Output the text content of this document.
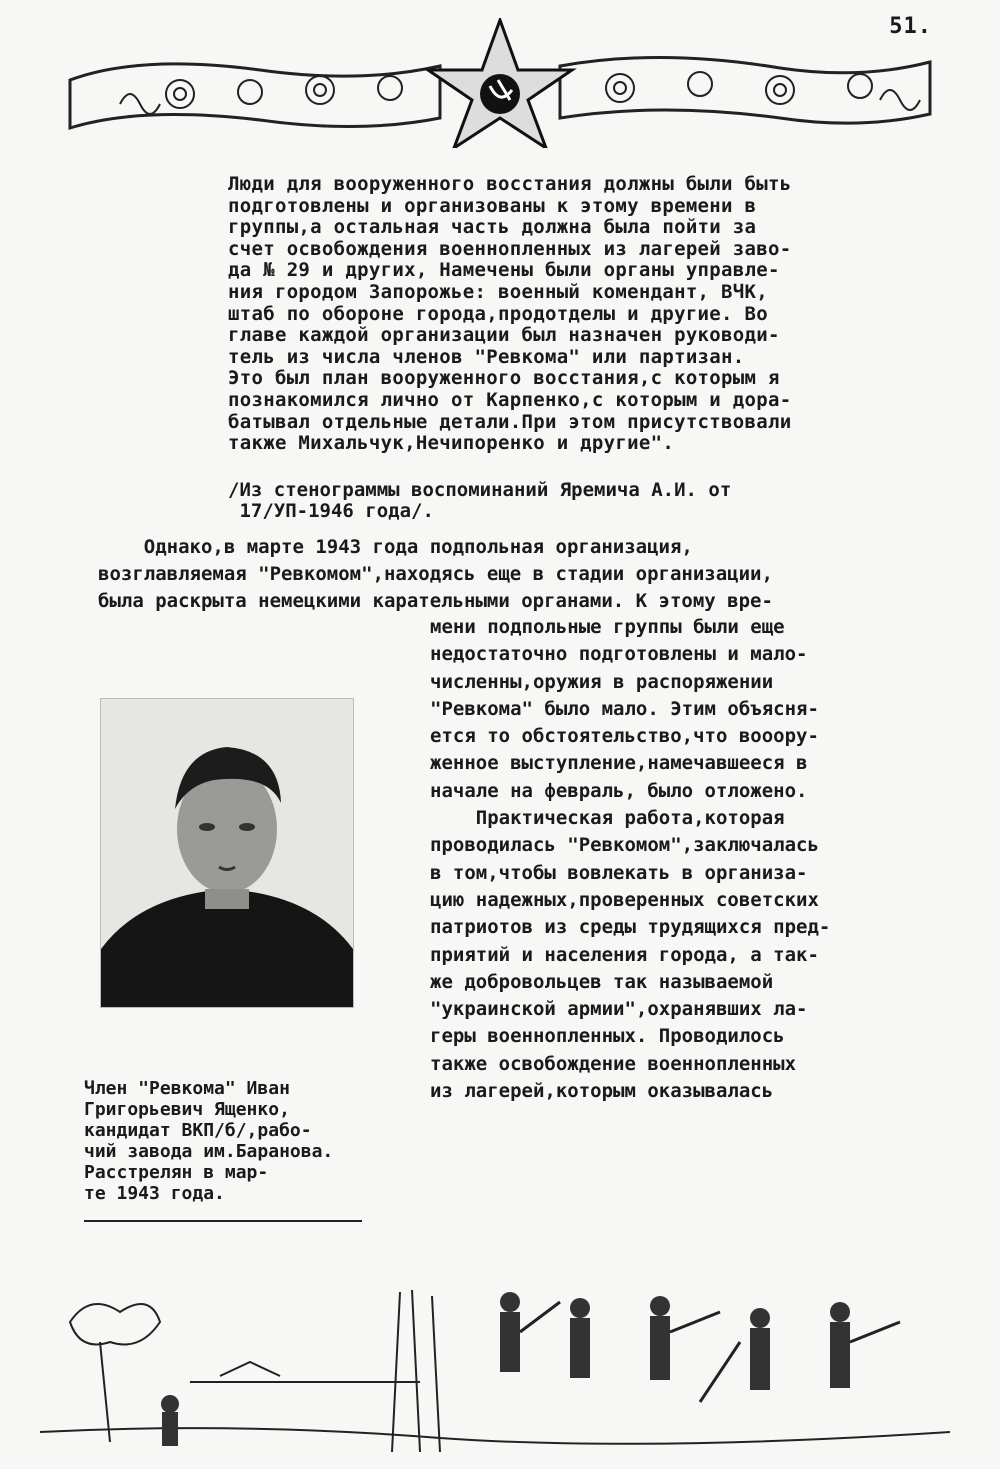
51.
Люди для вооруженного восстания должны были быть
подготовлены и организованы к этому времени в
группы,а остальная часть должна была пойти за
счет освобождения военнопленных из лагерей заво-
да № 29 и других, Намечены были органы управле-
ния городом Запорожье: военный комендант, ВЧК,
штаб по обороне города,продотделы и другие. Во
главе каждой организации был назначен руководи-
тель из числа членов "Ревкома" или партизан.
Это был план вооруженного восстания,с которым я
познакомился лично от Карпенко,с которым и дора-
батывал отдельные детали.При этом присутствовали
также Михальчук,Нечипоренко и другие".
/Из стенограммы воспоминаний Яремича А.И. от
17/УП-1946 года/.
Однако,в марте 1943 года подпольная организация,
возглавляемая "Ревкомом",находясь еще в стадии организации,
была раскрыта немецкими карательными органами. К этому вре-
мени подпольные группы были еще
недостаточно подготовлены и мало-
численны,оружия в распоряжении
"Ревкома" было мало. Этим объясня-
ется то обстоятельство,что вооору-
женное выступление,намечавшееся в
начале на февраль, было отложено.
Практическая работа,которая
проводилась "Ревкомом",заключалась
в том,чтобы вовлекать в организа-
цию надежных,проверенных советских
патриотов из среды трудящихся пред-
приятий и населения города, а так-
же добровольцев так называемой
"украинской армии",охранявших ла-
геры военнопленных. Проводилось
также освобождение военнопленных
из лагерей,которым оказывалась
Член "Ревкома" Иван
Григорьевич Ященко,
кандидат ВКП/б/,рабо-
чий завода им.Баранова.
Расстрелян в мар-
те 1943 года.
